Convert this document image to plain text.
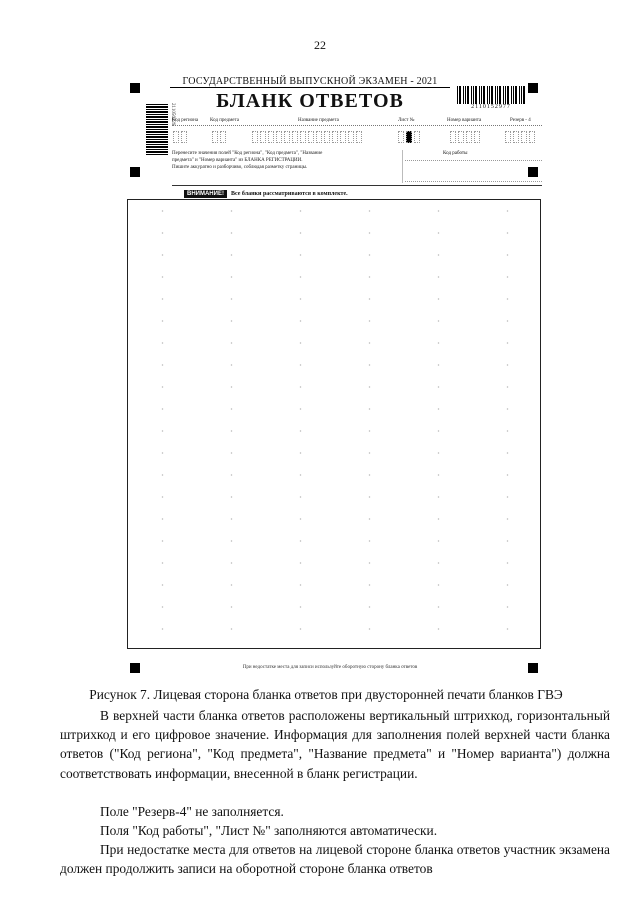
22
ГОСУДАРСТВЕННЫЙ ВЫПУСКНОЙ ЭКЗАМЕН - 2021
БЛАНК ОТВЕТОВ
211056229	2110152977
Код региона Код предмета	Название предмета	Лист №	Номер варианта	Резерв - 4
Перенесите значения полей "Код региона", "Код предмета", "Название
предмета" и "Номер варианта" из БЛАНКА РЕГИСТРАЦИИ.
Пишите аккуратно и разборчиво, соблюдая разметку страницы.
Код работы
ВНИМАНИЕ!	Все бланки рассматриваются в комплекте.
При недостатке места для записи используйте оборотную сторону бланка ответов
Рисунок 7. Лицевая сторона бланка ответов при двусторонней печати бланков ГВЭ
В верхней части бланка ответов расположены вертикальный штрихкод, горизонтальный штрихкод и его цифровое значение. Информация для заполнения полей верхней части бланка ответов ("Код региона", "Код предмета", "Название предмета" и "Номер варианта") должна соответствовать информации, внесенной в бланк регистрации.
Поле "Резерв-4" не заполняется.
Поля "Код работы", "Лист №" заполняются автоматически.
При недостатке места для ответов на лицевой стороне бланка ответов участник экзамена должен продолжить записи на оборотной стороне бланка ответов
